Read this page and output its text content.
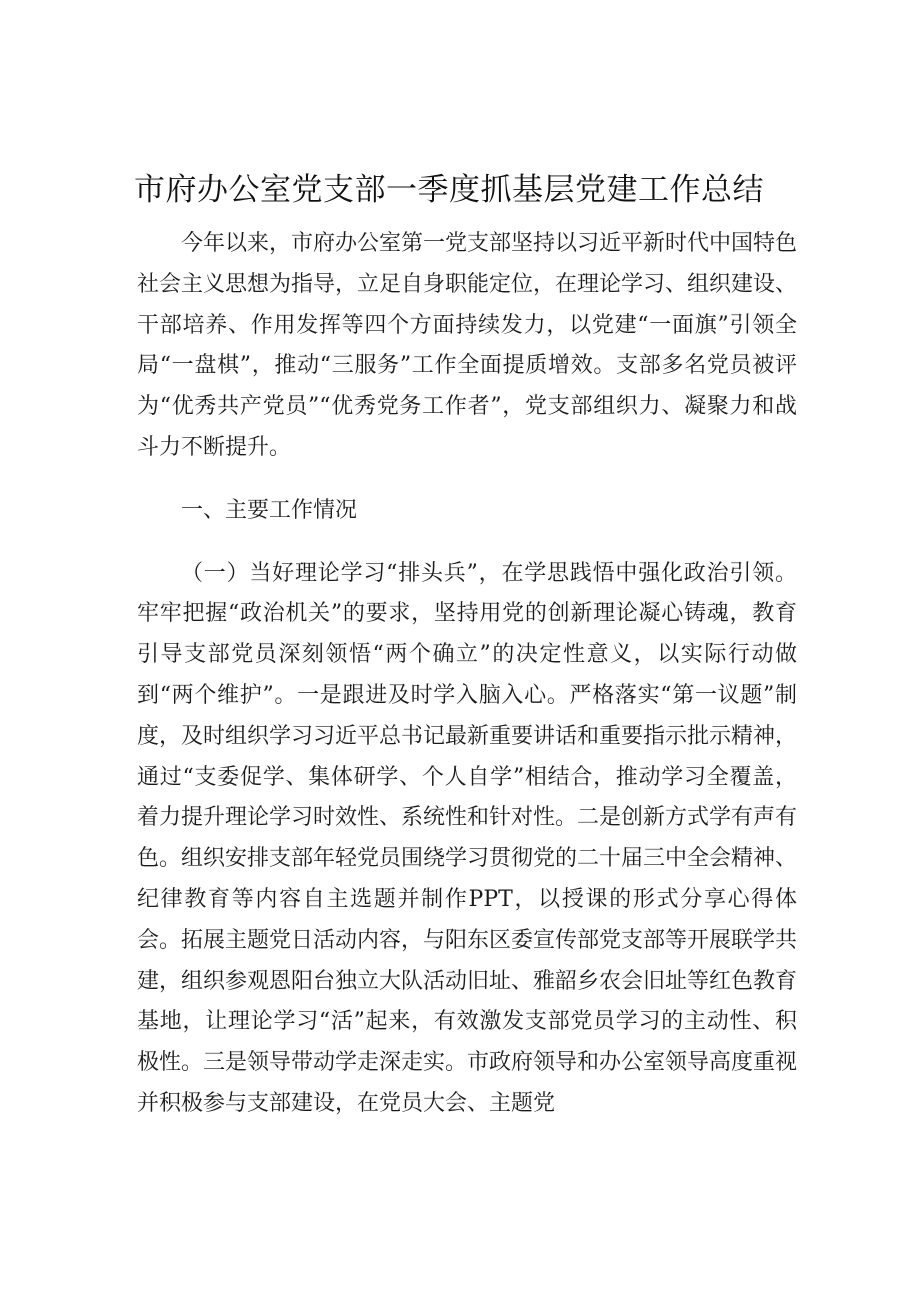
市府办公室党支部一季度抓基层党建工作总结

今年以来，市府办公室第一党支部坚持以习近平新时代中国特色社会主义思想为指导，立足自身职能定位，在理论学习、组织建设、干部培养、作用发挥等四个方面持续发力，以党建“一面旗”引领全局“一盘棋”，推动“三服务”工作全面提质增效。支部多名党员被评为“优秀共产党员”“优秀党务工作者”，党支部组织力、凝聚力和战斗力不断提升。

一、主要工作情况

（一）当好理论学习“排头兵”，在学思践悟中强化政治引领。牢牢把握“政治机关”的要求，坚持用党的创新理论凝心铸魂，教育引导支部党员深刻领悟“两个确立”的决定性意义，以实际行动做到“两个维护”。一是跟进及时学入脑入心。严格落实“第一议题”制度，及时组织学习习近平总书记最新重要讲话和重要指示批示精神，通过“支委促学、集体研学、个人自学”相结合，推动学习全覆盖，着力提升理论学习时效性、系统性和针对性。二是创新方式学有声有色。组织安排支部年轻党员围绕学习贯彻党的二十届三中全会精神、纪律教育等内容自主选题并制作PPT，以授课的形式分享心得体会。拓展主题党日活动内容，与阳东区委宣传部党支部等开展联学共建，组织参观恩阳台独立大队活动旧址、雅韶乡农会旧址等红色教育基地，让理论学习“活”起来，有效激发支部党员学习的主动性、积极性。三是领导带动学走深走实。市政府领导和办公室领导高度重视并积极参与支部建设，在党员大会、主题党
